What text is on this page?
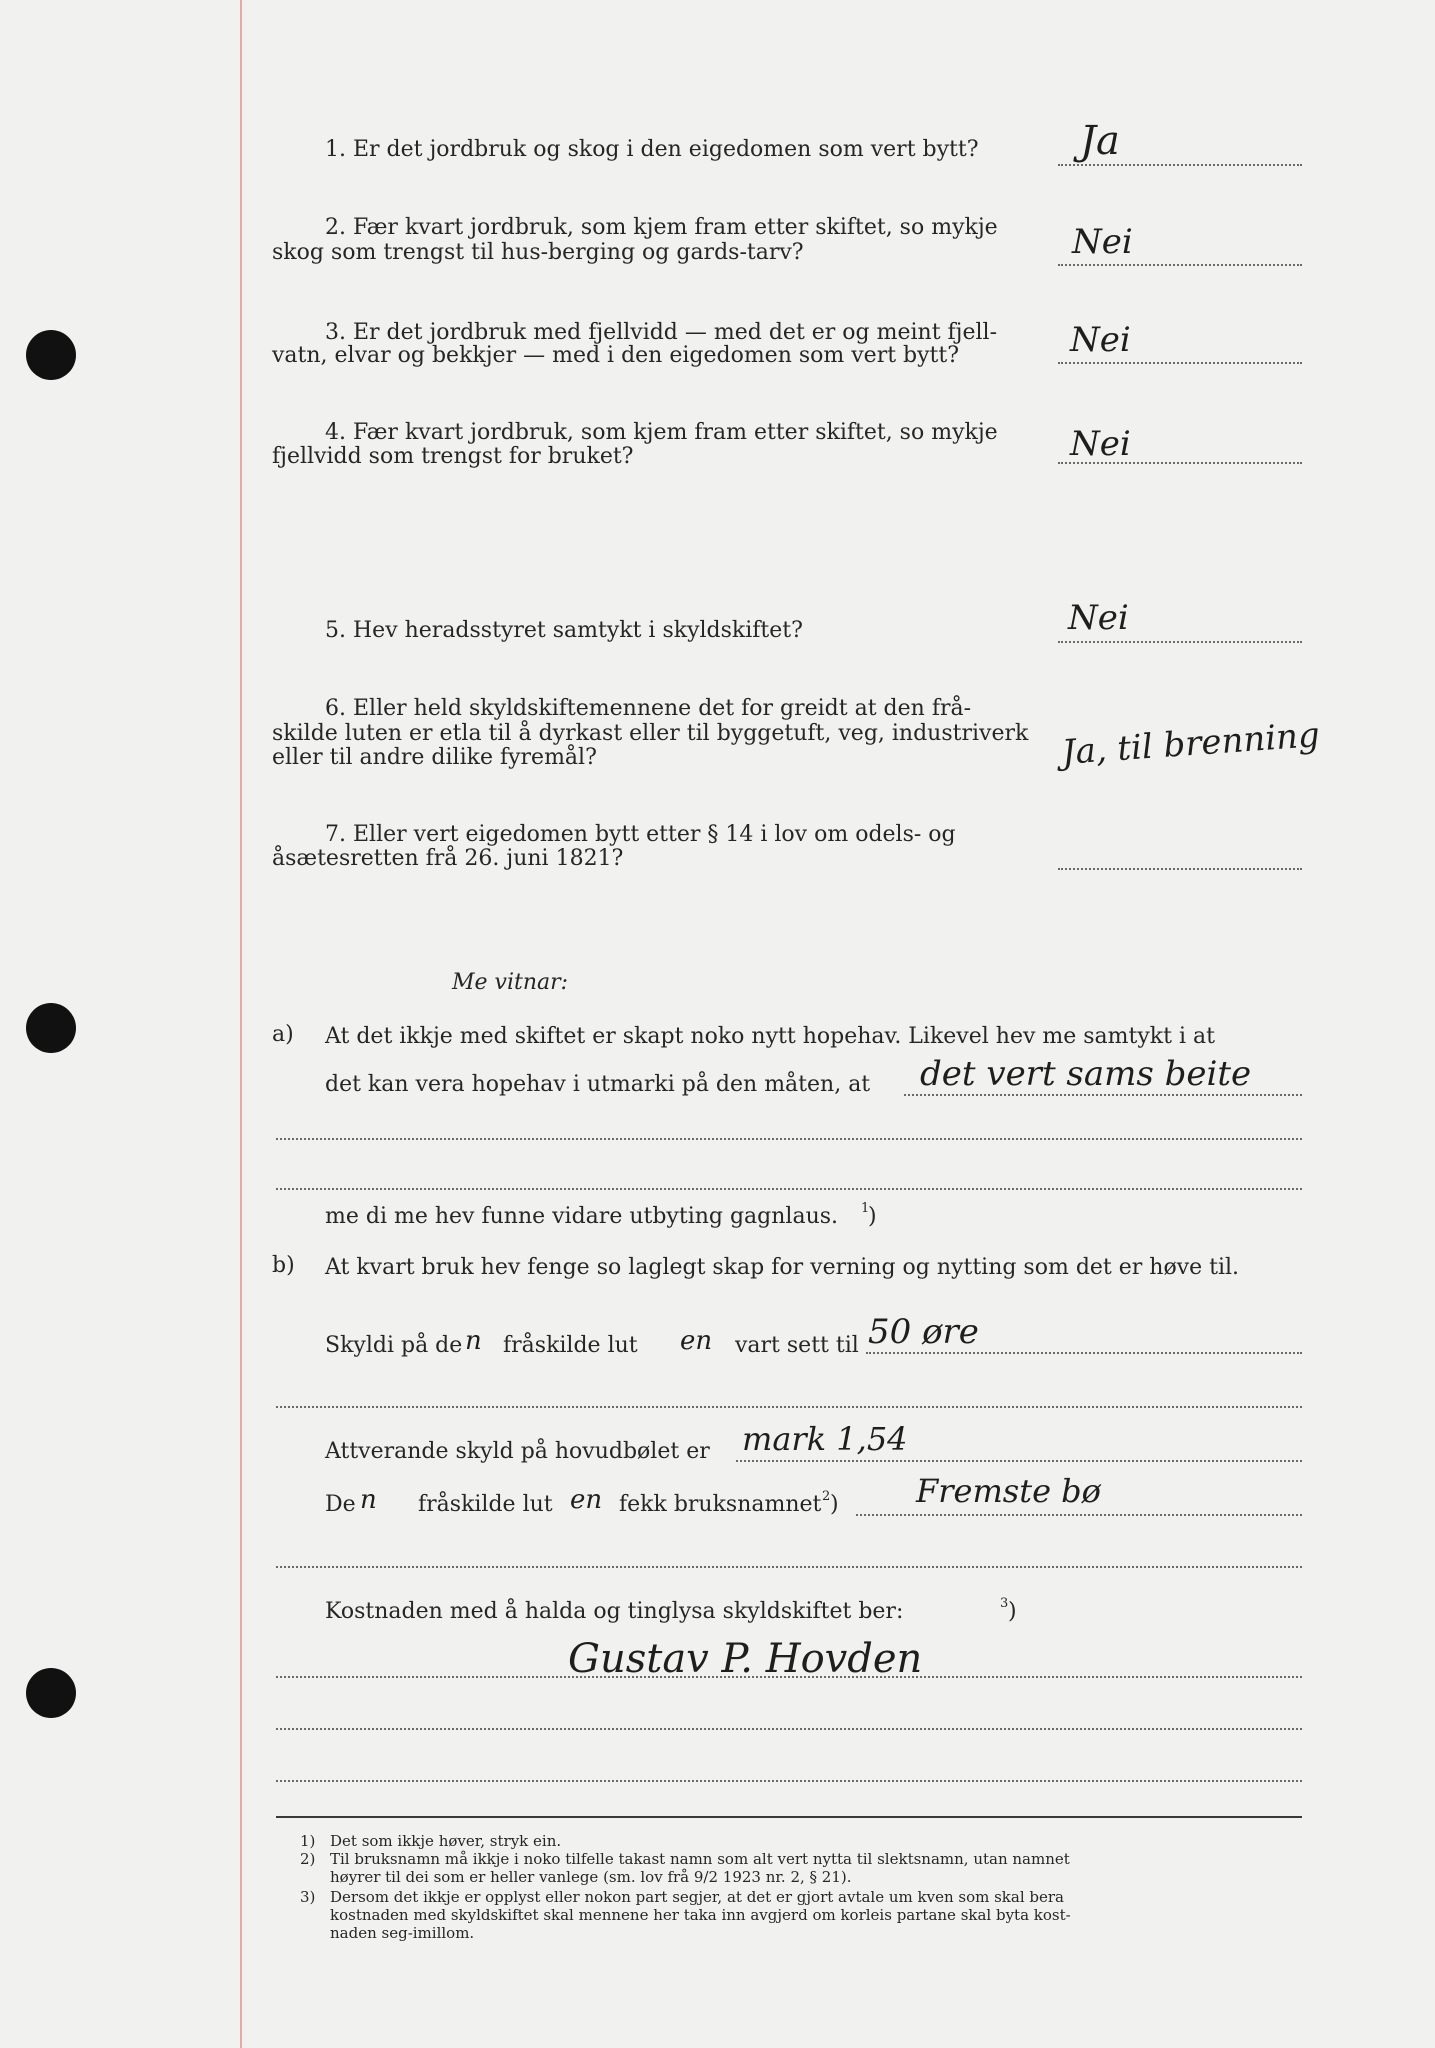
1. Er det jordbruk og skog i den eigedomen som vert bytt?	Ja
2. Fær kvart jordbruk, som kjem fram etter skiftet, so mykje
skog som trengst til hus‑berging og gards‑tarv?	Nei
3. Er det jordbruk med fjellvidd — med det er og meint fjell‑
vatn, elvar og bekkjer — med i den eigedomen som vert bytt?	Nei
4. Fær kvart jordbruk, som kjem fram etter skiftet, so mykje
fjellvidd som trengst for bruket?	Nei
5. Hev heradsstyret samtykt i skyldskiftet?	Nei
6. Eller held skyldskiftemennene det for greidt at den frå‑
skilde luten er etla til å dyrkast eller til byggetuft, veg, industriverk
eller til andre dilike fyremål?	Ja, til brenning
7. Eller vert eigedomen bytt etter § 14 i lov om odels‑ og
åsætesretten frå 26. juni 1821?
Me vitnar:
a) At det ikkje med skiftet er skapt noko nytt hopehav. Likevel hev me samtykt i at
det kan vera hopehav i utmarki på den måten, at det vert sams beite
me di me hev funne vidare utbyting gagnlaus. 1
)
b) At kvart bruk hev fenge so laglegt skap for verning og nytting som det er høve til.
Skyldi på de n fråskilde lut en vart sett til 50 øre
Attverande skyld på hovudbølet er mark 1,54
De n fråskilde lut en fekk bruksnamnet 2 ) Fremste bø
Kostnaden med å halda og tinglysa skyldskiftet ber:	3 )
Gustav P. Hovden
1) Det som ikkje høver, stryk ein.
2) Til bruksnamn må ikkje i noko tilfelle takast namn som alt vert nytta til slektsnamn, utan namnet
høyrer til dei som er heller vanlege (sm. lov frå 9/2 1923 nr. 2, § 21).
3) Dersom det ikkje er opplyst eller nokon part segjer, at det er gjort avtale um kven som skal bera
kostnaden med skyldskiftet skal mennene her taka inn avgjerd om korleis partane skal byta kost‑
naden seg‑imillom.
